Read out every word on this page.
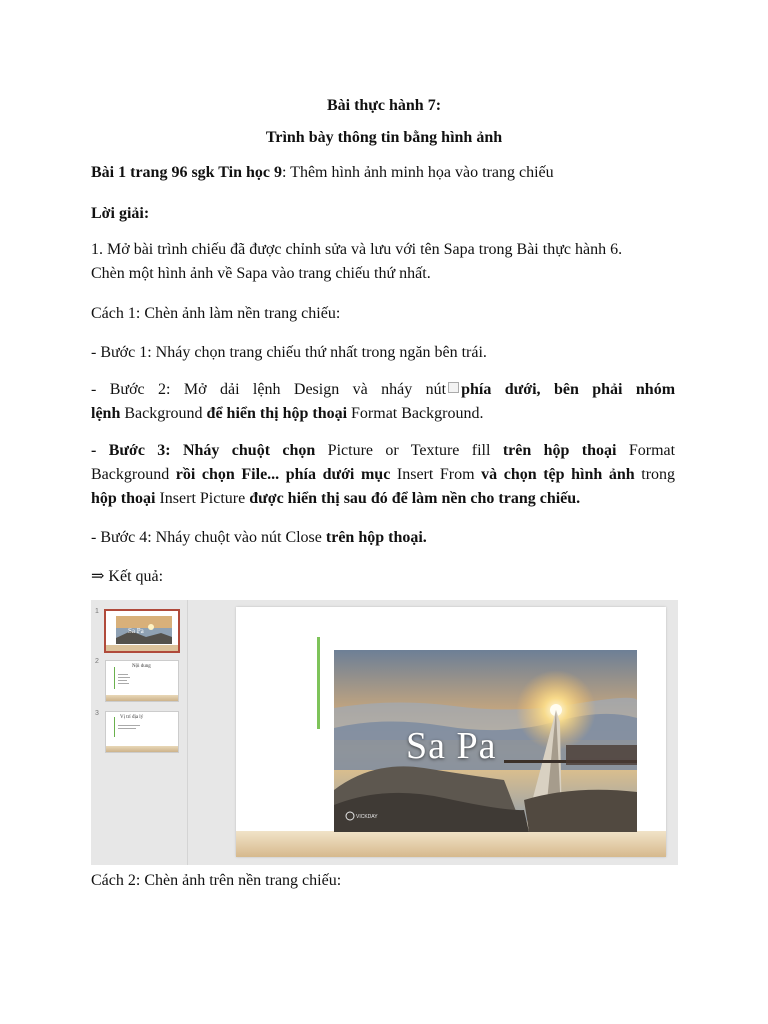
Bài thực hành 7:
Trình bày thông tin bằng hình ảnh
Bài 1 trang 96 sgk Tin học 9: Thêm hình ảnh minh họa vào trang chiếu
Lời giải:
1. Mở bài trình chiếu đã được chỉnh sửa và lưu với tên Sapa trong Bài thực hành 6.
Chèn một hình ảnh về Sapa vào trang chiếu thứ nhất.
Cách 1: Chèn ảnh làm nền trang chiếu:
- Bước 1: Nháy chọn trang chiếu thứ nhất trong ngăn bên trái.
- Bước 2: Mở dải lệnh Design và nháy nút phía dưới, bên phải nhóm
lệnh Background để hiển thị hộp thoại Format Background.
- Bước 3: Nháy chuột chọn Picture or Texture fill trên hộp thoại Format
Background rồi chọn File... phía dưới mục Insert From và chọn tệp hình ảnh trong
hộp thoại Insert Picture được hiển thị sau đó để làm nền cho trang chiếu.
- Bước 4: Nháy chuột vào nút Close trên hộp thoại.
⇒ Kết quả:
1
Sa Pa
2
Nội dung
3
Vị trí địa lý
VICKDAY
Sa Pa
Cách 2: Chèn ảnh trên nền trang chiếu:
